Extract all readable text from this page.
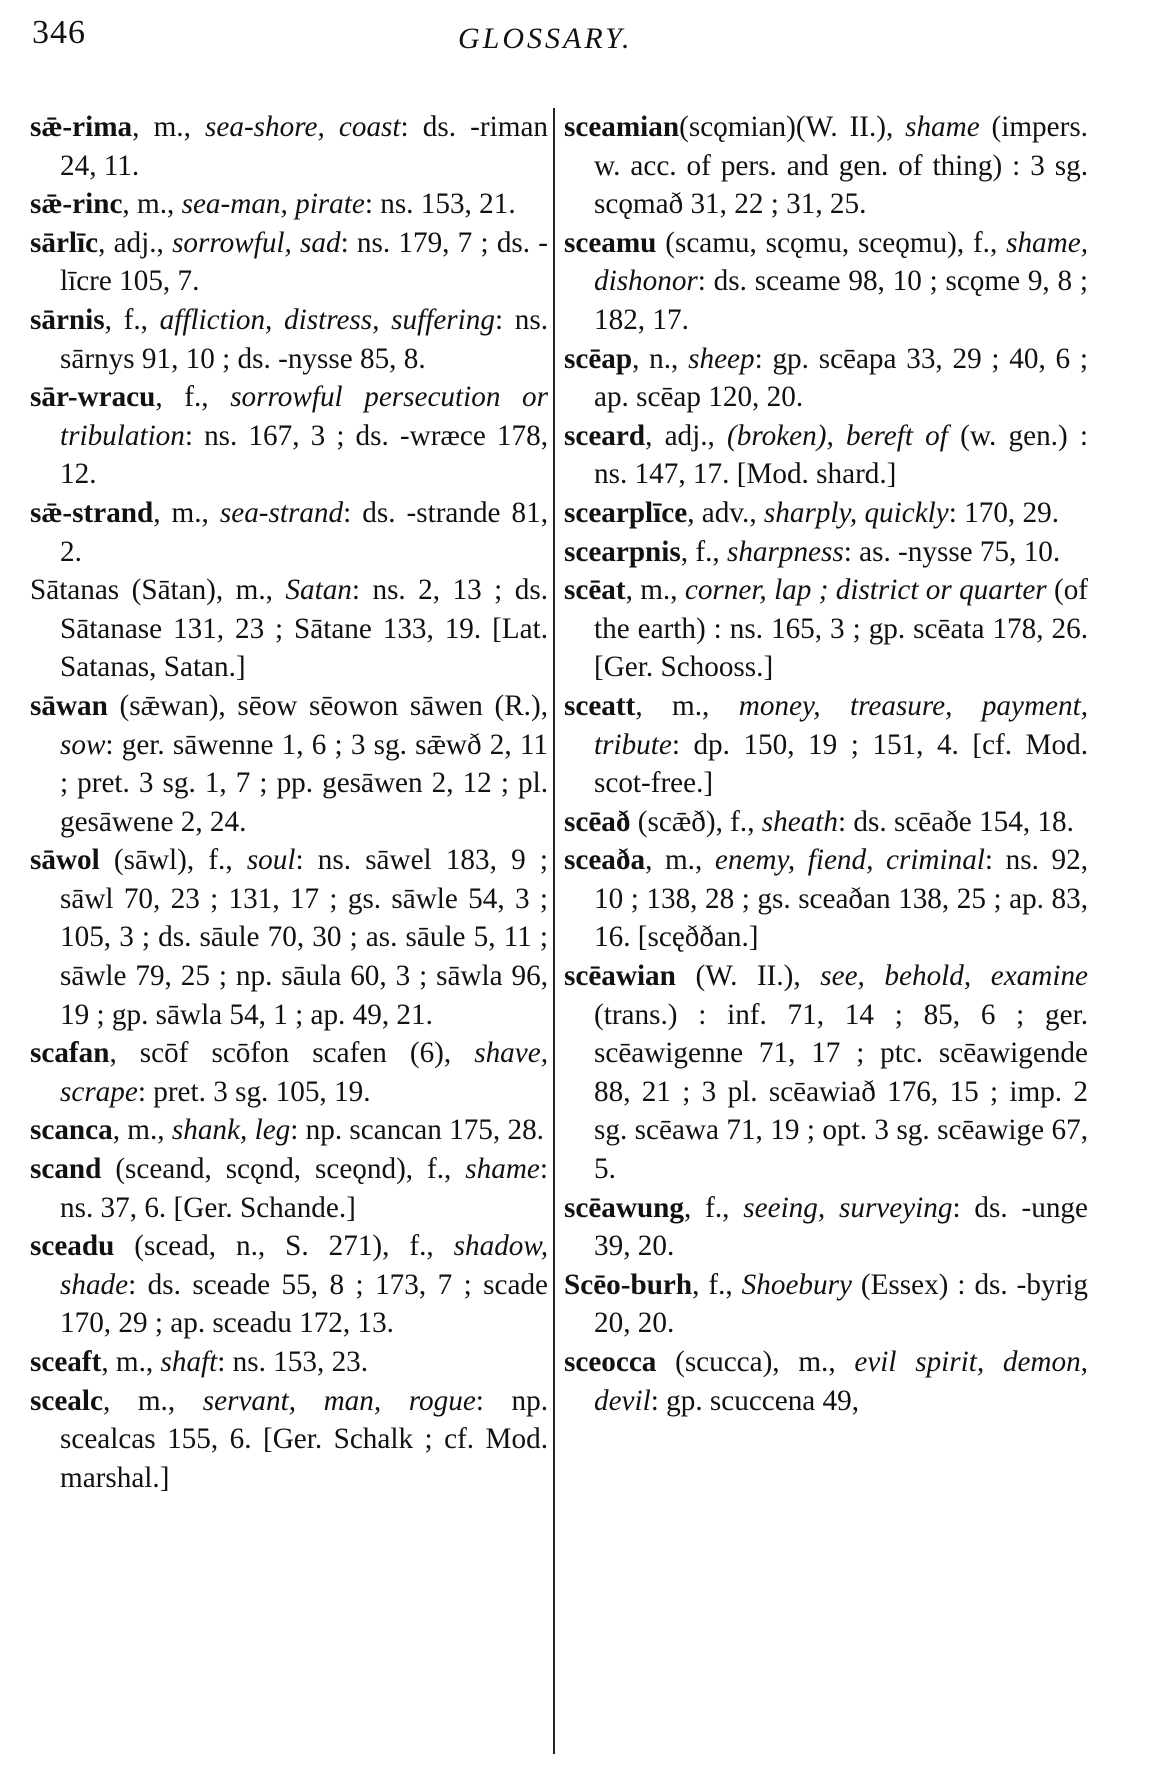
346	GLOSSARY.

sǣ-rima, m., sea-shore, coast: ds. -riman 24, 11.

sǣ-rinc, m., sea-man, pirate: ns. 153, 21.

sārlīc, adj., sorrowful, sad: ns. 179, 7 ; ds. -līcre 105, 7.

sārnis, f., affliction, distress, suffering: ns. sārnys 91, 10 ; ds. -nysse 85, 8.

sār-wracu, f., sorrowful persecution or tribulation: ns. 167, 3 ; ds. -wræce 178, 12.

sǣ-strand, m., sea-strand: ds. -strande 81, 2.

Sātanas (Sātan), m., Satan: ns. 2, 13 ; ds. Sātanase 131, 23 ; Sātane 133, 19. [Lat. Satanas, Satan.]

sāwan (sǣwan), sēow sēowon sāwen (R.), sow: ger. sāwenne 1, 6 ; 3 sg. sǣwð 2, 11 ; pret. 3 sg. 1, 7 ; pp. gesāwen 2, 12 ; pl. gesāwene 2, 24.

sāwol (sāwl), f., soul: ns. sāwel 183, 9 ; sāwl 70, 23 ; 131, 17 ; gs. sāwle 54, 3 ; 105, 3 ; ds. sāule 70, 30 ; as. sāule 5, 11 ; sāwle 79, 25 ; np. sāula 60, 3 ; sāwla 96, 19 ; gp. sāwla 54, 1 ; ap. 49, 21.

scafan, scōf scōfon scafen (6), shave, scrape: pret. 3 sg. 105, 19.

scanca, m., shank, leg: np. scancan 175, 28.

scand (sceand, scǫnd, sceǫnd), f., shame: ns. 37, 6. [Ger. Schande.]

sceadu (scead, n., S. 271), f., shadow, shade: ds. sceade 55, 8 ; 173, 7 ; scade 170, 29 ; ap. sceadu 172, 13.

sceaft, m., shaft: ns. 153, 23.

scealc, m., servant, man, rogue: np. scealcas 155, 6. [Ger. Schalk ; cf. Mod. marshal.]

sceamian(scǫmian)(W. II.), shame (impers. w. acc. of pers. and gen. of thing) : 3 sg. scǫmað 31, 22 ; 31, 25.

sceamu (scamu, scǫmu, sceǫmu), f., shame, dishonor: ds. sceame 98, 10 ; scǫme 9, 8 ; 182, 17.

scēap, n., sheep: gp. scēapa 33, 29 ; 40, 6 ; ap. scēap 120, 20.

sceard, adj., (broken), bereft of (w. gen.) : ns. 147, 17. [Mod. shard.]

scearplīce, adv., sharply, quickly: 170, 29.

scearpnis, f., sharpness: as. -nysse 75, 10.

scēat, m., corner, lap ; district or quarter (of the earth) : ns. 165, 3 ; gp. scēata 178, 26. [Ger. Schooss.]

sceatt, m., money, treasure, payment, tribute: dp. 150, 19 ; 151, 4. [cf. Mod. scot-free.]

scēað (scǣð), f., sheath: ds. scēaðe 154, 18.

sceaða, m., enemy, fiend, criminal: ns. 92, 10 ; 138, 28 ; gs. sceaðan 138, 25 ; ap. 83, 16. [scęððan.]

scēawian (W. II.), see, behold, examine (trans.) : inf. 71, 14 ; 85, 6 ; ger. scēawigenne 71, 17 ; ptc. scēawigende 88, 21 ; 3 pl. scēawiað 176, 15 ; imp. 2 sg. scēawa 71, 19 ; opt. 3 sg. scēawige 67, 5.

scēawung, f., seeing, surveying: ds. -unge 39, 20.

Scēo-burh, f., Shoebury (Essex) : ds. -byrig 20, 20.

sceocca (scucca), m., evil spirit, demon, devil: gp. scuccena 49,
